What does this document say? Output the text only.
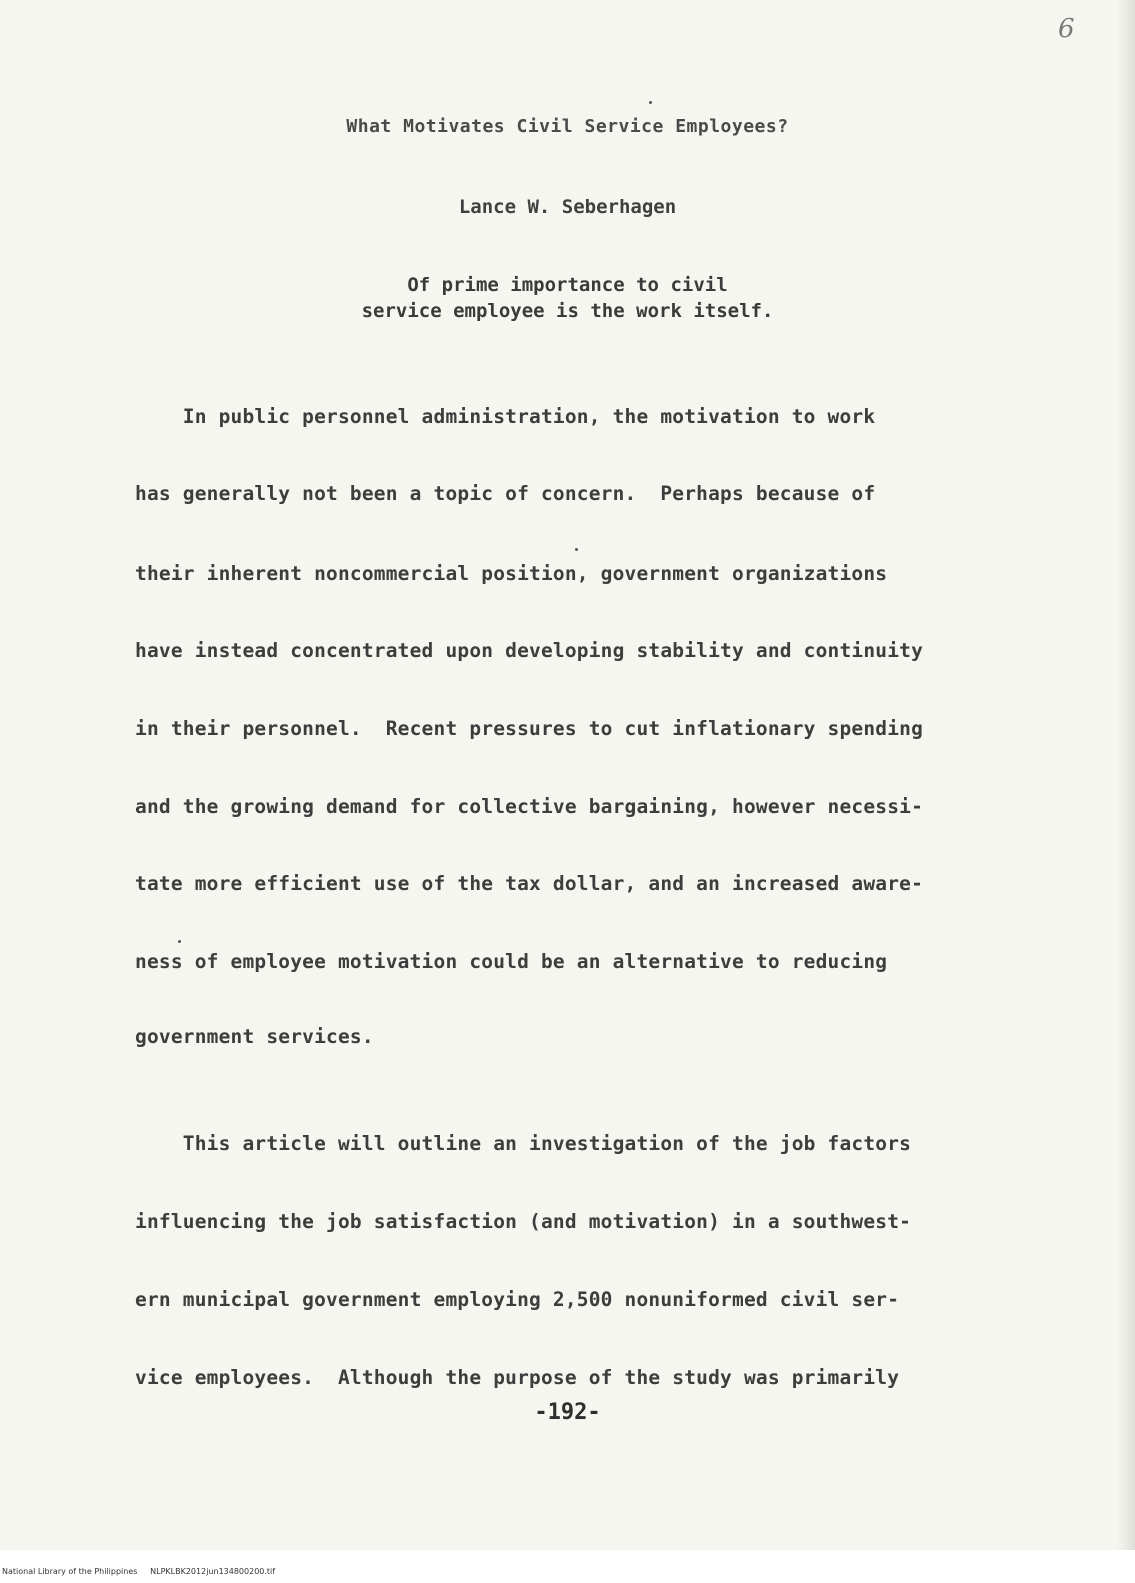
6
What Motivates Civil Service Employees?
Lance W. Seberhagen
Of prime importance to civil
service employee is the work itself.
In public personnel administration, the motivation to work
has generally not been a topic of concern.  Perhaps because of
their inherent noncommercial position, government organizations
have instead concentrated upon developing stability and continuity
in their personnel.  Recent pressures to cut inflationary spending
and the growing demand for collective bargaining, however necessi-
tate more efficient use of the tax dollar, and an increased aware-
ness of employee motivation could be an alternative to reducing
government services.
This article will outline an investigation of the job factors
influencing the job satisfaction (and motivation) in a southwest-
ern municipal government employing 2,500 nonuniformed civil ser-
vice employees.  Although the purpose of the study was primarily
-192-
National Library of the Philippines     NLPKLBK2012jun134800200.tif
